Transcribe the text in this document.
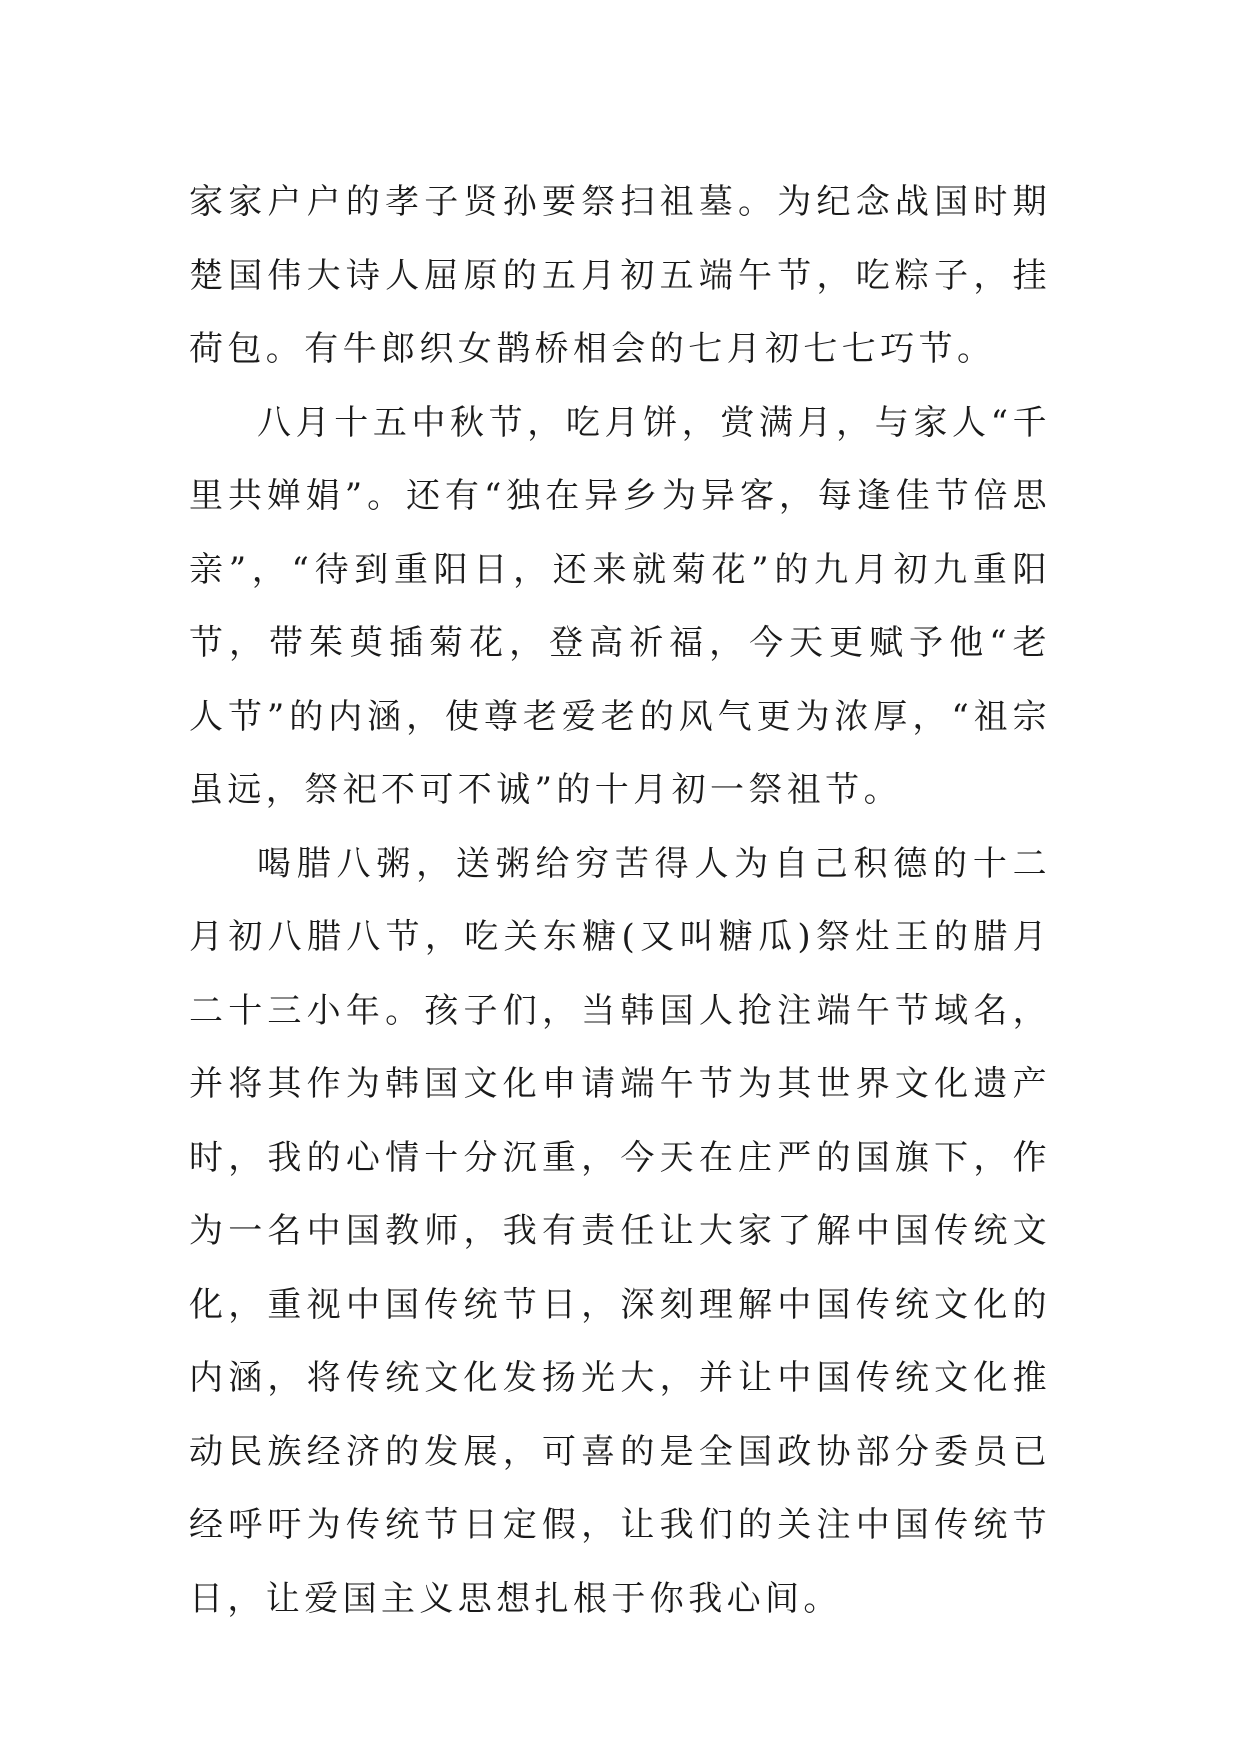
家家户户的孝子贤孙要祭扫祖墓。为纪念战国时期楚国伟大诗人屈原的五月初五端午节，吃粽子，挂荷包。有牛郎织女鹊桥相会的七月初七七巧节。

八月十五中秋节，吃月饼，赏满月，与家人“千里共婵娟”。还有“独在异乡为异客，每逢佳节倍思亲”，“待到重阳日，还来就菊花”的九月初九重阳节，带茱萸插菊花，登高祈福，今天更赋予他“老人节”的内涵，使尊老爱老的风气更为浓厚，“祖宗虽远，祭祀不可不诚”的十月初一祭祖节。

喝腊八粥，送粥给穷苦得人为自己积德的十二月初八腊八节，吃关东糖(又叫糖瓜)祭灶王的腊月二十三小年。孩子们，当韩国人抢注端午节域名，并将其作为韩国文化申请端午节为其世界文化遗产时，我的心情十分沉重，今天在庄严的国旗下，作为一名中国教师，我有责任让大家了解中国传统文化，重视中国传统节日，深刻理解中国传统文化的内涵，将传统文化发扬光大，并让中国传统文化推动民族经济的发展，可喜的是全国政协部分委员已经呼吁为传统节日定假，让我们的关注中国传统节日，让爱国主义思想扎根于你我心间。
